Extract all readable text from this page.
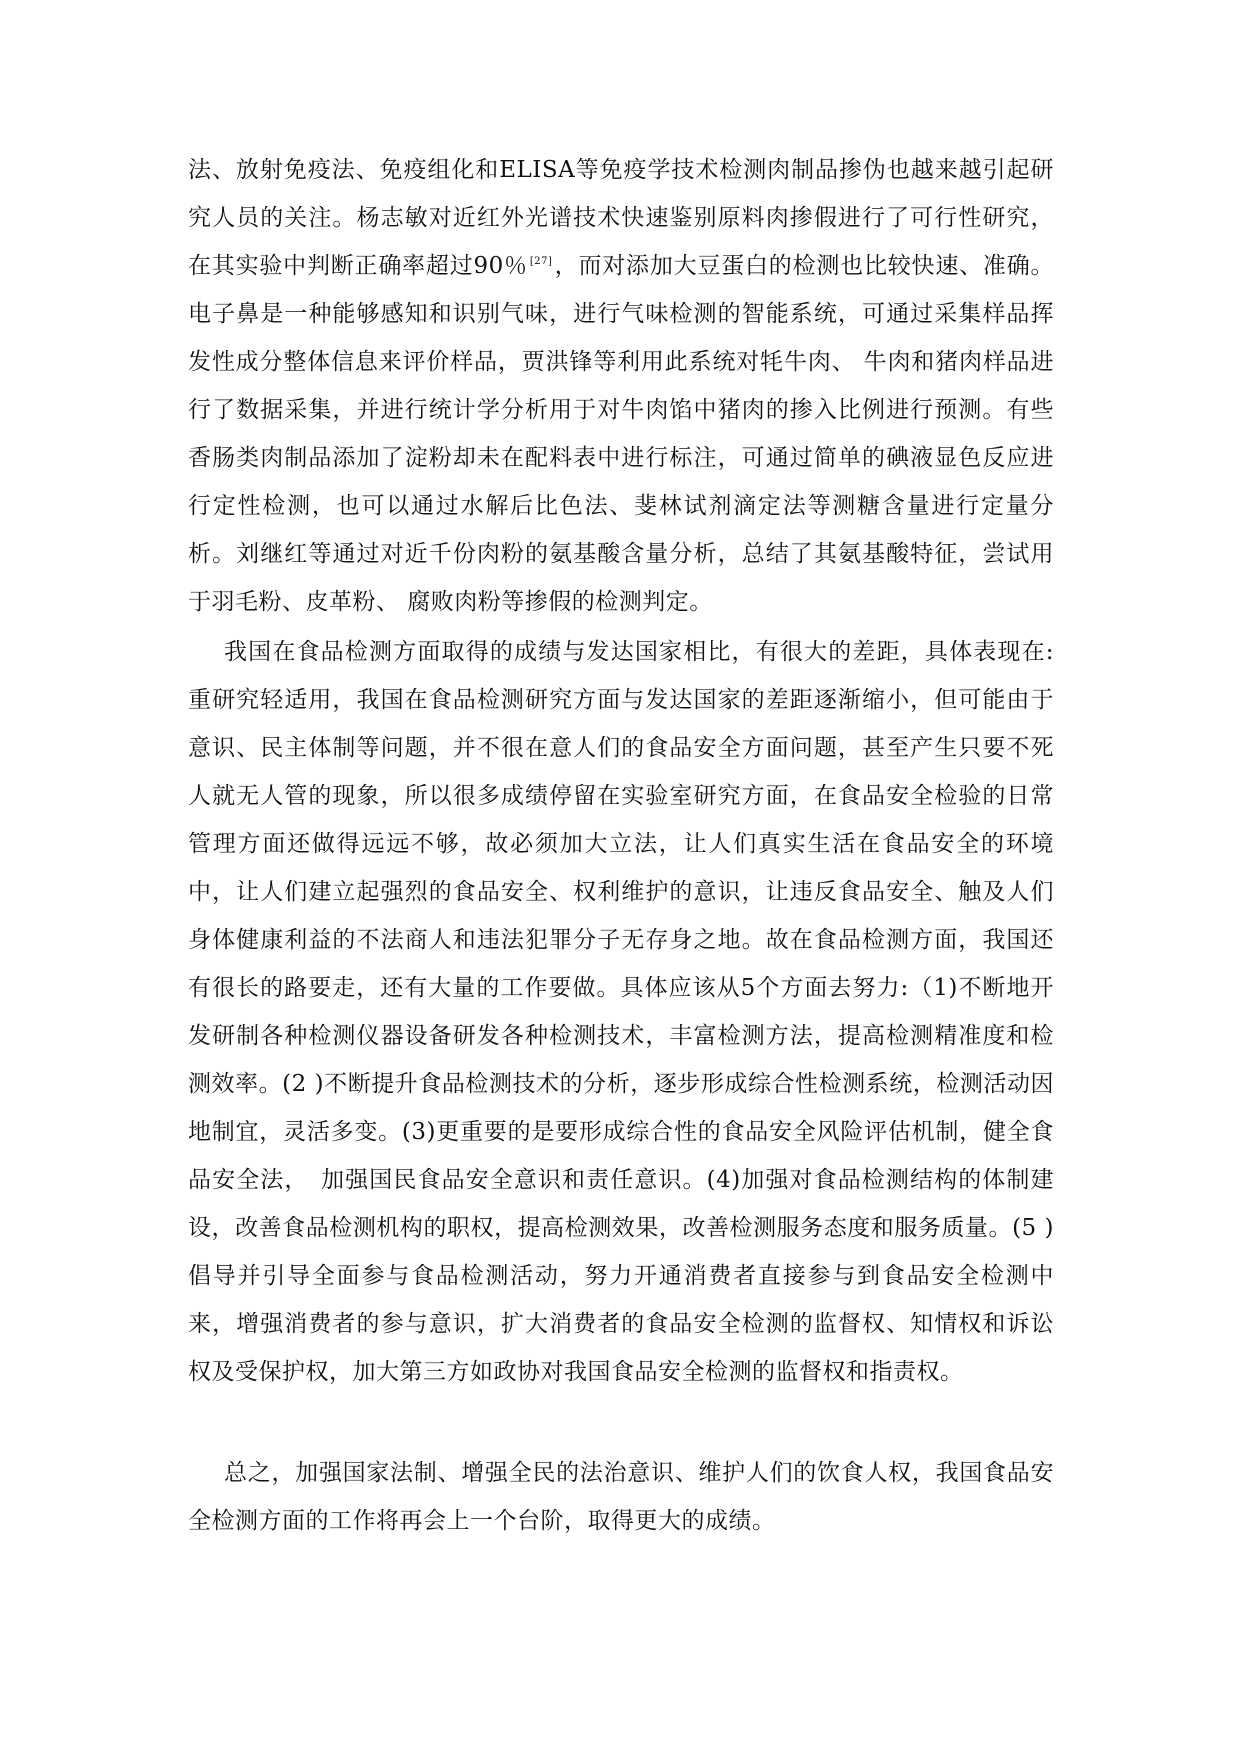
法、放射免疫法、免疫组化和ELISA等免疫学技术检测肉制品掺伪也越来越引起研究人员的关注。杨志敏对近红外光谱技术快速鉴别原料肉掺假进行了可行性研究，在其实验中判断正确率超过90％ [27]，而对添加大豆蛋白的检测也比较快速、准确。电子鼻是一种能够感知和识别气味，进行气味检测的智能系统，可通过采集样品挥发性成分整体信息来评价样品，贾洪锋等利用此系统对牦牛肉、 牛肉和猪肉样品进行了数据采集，并进行统计学分析用于对牛肉馅中猪肉的掺入比例进行预测。有些香肠类肉制品添加了淀粉却未在配料表中进行标注，可通过简单的碘液显色反应进行定性检测，也可以通过水解后比色法、斐林试剂滴定法等测糖含量进行定量分析。刘继红等通过对近千份肉粉的氨基酸含量分析，总结了其氨基酸特征，尝试用于羽毛粉、皮革粉、 腐败肉粉等掺假的检测判定。

我国在食品检测方面取得的成绩与发达国家相比，有很大的差距，具体表现在: 重研究轻适用，我国在食品检测研究方面与发达国家的差距逐渐缩小，但可能由于意识、民主体制等问题，并不很在意人们的食品安全方面问题，甚至产生只要不死人就无人管的现象，所以很多成绩停留在实验室研究方面，在食品安全检验的日常管理方面还做得远远不够，故必须加大立法，让人们真实生活在食品安全的环境中，让人们建立起强烈的食品安全、权利维护的意识，让违反食品安全、触及人们身体健康利益的不法商人和违法犯罪分子无存身之地。故在食品检测方面，我国还有很长的路要走，还有大量的工作要做。具体应该从5个方面去努力:（1)不断地开发研制各种检测仪器设备研发各种检测技术，丰富检测方法，提高检测精准度和检测效率。(2 )不断提升食品检测技术的分析，逐步形成综合性检测系统，检测活动因地制宜，灵活多变。(3)更重要的是要形成综合性的食品安全风险评估机制，健全食品安全法，　加强国民食品安全意识和责任意识。(4)加强对食品检测结构的体制建设，改善食品检测机构的职权，提高检测效果，改善检测服务态度和服务质量。(5 )倡导并引导全面参与食品检测活动，努力开通消费者直接参与到食品安全检测中来，增强消费者的参与意识，扩大消费者的食品安全检测的监督权、知情权和诉讼权及受保护权，加大第三方如政协对我国食品安全检测的监督权和指责权。

总之，加强国家法制、增强全民的法治意识、维护人们的饮食人权，我国食品安全检测方面的工作将再会上一个台阶，取得更大的成绩。
